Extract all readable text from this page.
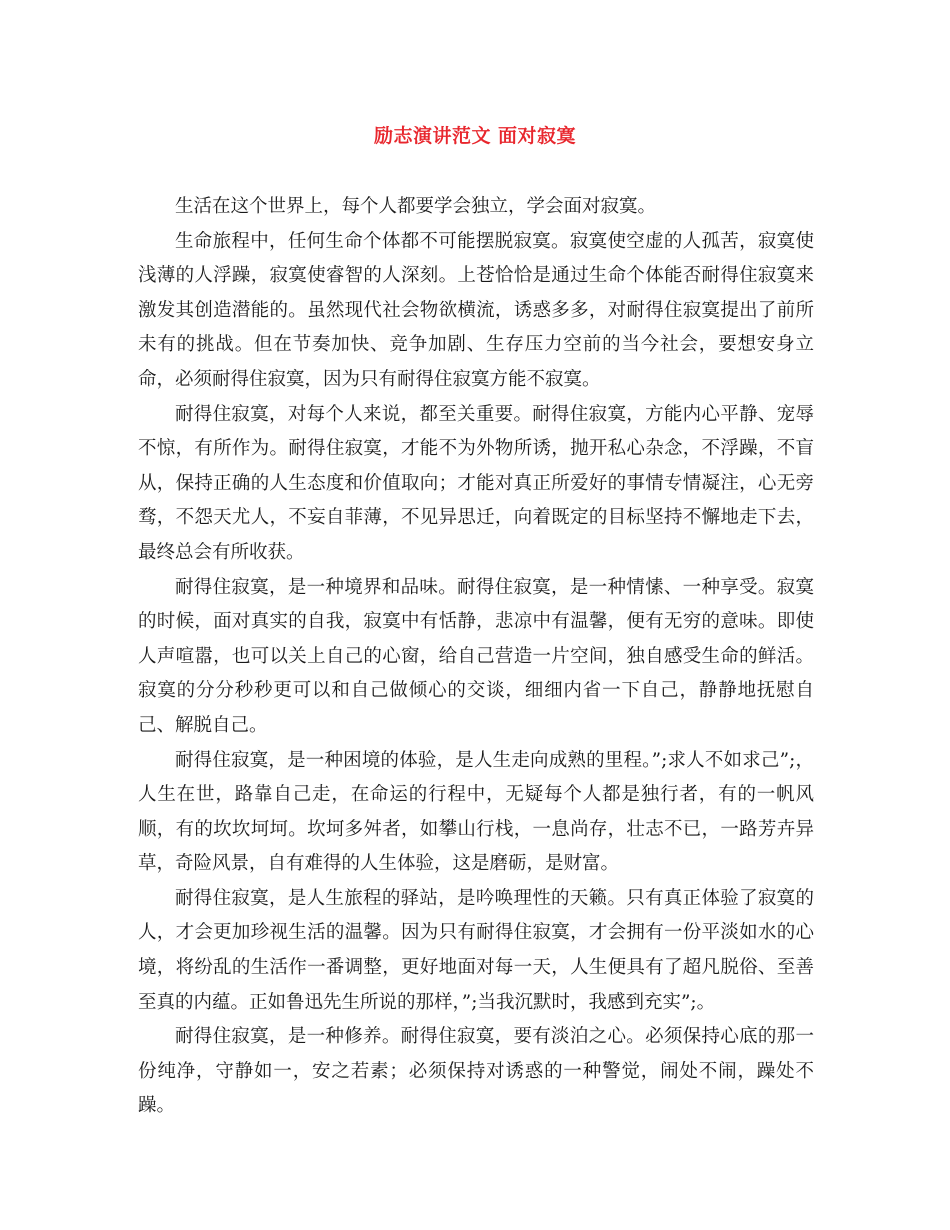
励志演讲范文 面对寂寞

生活在这个世界上，每个人都要学会独立，学会面对寂寞。

生命旅程中，任何生命个体都不可能摆脱寂寞。寂寞使空虚的人孤苦，寂寞使浅薄的人浮躁，寂寞使睿智的人深刻。上苍恰恰是通过生命个体能否耐得住寂寞来激发其创造潜能的。虽然现代社会物欲横流，诱惑多多，对耐得住寂寞提出了前所未有的挑战。但在节奏加快、竞争加剧、生存压力空前的当今社会，要想安身立命，必须耐得住寂寞，因为只有耐得住寂寞方能不寂寞。

耐得住寂寞，对每个人来说，都至关重要。耐得住寂寞，方能内心平静、宠辱不惊，有所作为。耐得住寂寞，才能不为外物所诱，抛开私心杂念，不浮躁，不盲从，保持正确的人生态度和价值取向；才能对真正所爱好的事情专情凝注，心无旁骛，不怨天尤人，不妄自菲薄，不见异思迁，向着既定的目标坚持不懈地走下去，最终总会有所收获。

耐得住寂寞，是一种境界和品味。耐得住寂寞，是一种情愫、一种享受。寂寞的时候，面对真实的自我，寂寞中有恬静，悲凉中有温馨，便有无穷的意味。即使人声喧嚣，也可以关上自己的心窗，给自己营造一片空间，独自感受生命的鲜活。寂寞的分分秒秒更可以和自己做倾心的交谈，细细内省一下自己，静静地抚慰自己、解脱自己。

耐得住寂寞，是一种困境的体验，是人生走向成熟的里程。”;求人不如求己”;，人生在世，路靠自己走，在命运的行程中，无疑每个人都是独行者，有的一帆风顺，有的坎坎坷坷。坎坷多舛者，如攀山行栈，一息尚存，壮志不已，一路芳卉异草，奇险风景，自有难得的人生体验，这是磨砺，是财富。

耐得住寂寞，是人生旅程的驿站，是吟唤理性的天籁。只有真正体验了寂寞的人，才会更加珍视生活的温馨。因为只有耐得住寂寞，才会拥有一份平淡如水的心境，将纷乱的生活作一番调整，更好地面对每一天，人生便具有了超凡脱俗、至善至真的内蕴。正如鲁迅先生所说的那样，”;当我沉默时，我感到充实”;。

耐得住寂寞，是一种修养。耐得住寂寞，要有淡泊之心。必须保持心底的那一份纯净，守静如一，安之若素；必须保持对诱惑的一种警觉，闹处不闹，躁处不躁。
